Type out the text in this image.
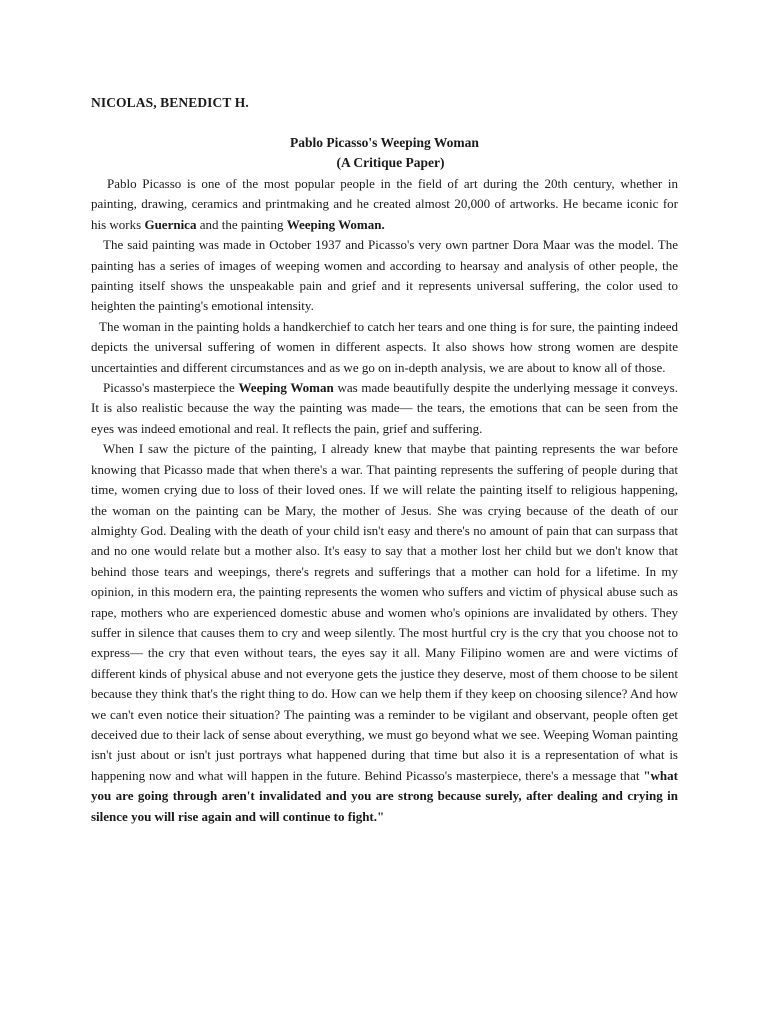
NICOLAS, BENEDICT H.
Pablo Picasso's Weeping Woman
(A Critique Paper)

Pablo Picasso is one of the most popular people in the field of art during the 20th century, whether in painting, drawing, ceramics and printmaking and he created almost 20,000 of artworks. He became iconic for his works Guernica and the painting Weeping Woman.

The said painting was made in October 1937 and Picasso's very own partner Dora Maar was the model. The painting has a series of images of weeping women and according to hearsay and analysis of other people, the painting itself shows the unspeakable pain and grief and it represents universal suffering, the color used to heighten the painting's emotional intensity.

The woman in the painting holds a handkerchief to catch her tears and one thing is for sure, the painting indeed depicts the universal suffering of women in different aspects. It also shows how strong women are despite uncertainties and different circumstances and as we go on in-depth analysis, we are about to know all of those.

Picasso's masterpiece the Weeping Woman was made beautifully despite the underlying message it conveys. It is also realistic because the way the painting was made— the tears, the emotions that can be seen from the eyes was indeed emotional and real. It reflects the pain, grief and suffering.

When I saw the picture of the painting, I already knew that maybe that painting represents the war before knowing that Picasso made that when there's a war. That painting represents the suffering of people during that time, women crying due to loss of their loved ones. If we will relate the painting itself to religious happening, the woman on the painting can be Mary, the mother of Jesus. She was crying because of the death of our almighty God. Dealing with the death of your child isn't easy and there's no amount of pain that can surpass that and no one would relate but a mother also. It's easy to say that a mother lost her child but we don't know that behind those tears and weepings, there's regrets and sufferings that a mother can hold for a lifetime. In my opinion, in this modern era, the painting represents the women who suffers and victim of physical abuse such as rape, mothers who are experienced domestic abuse and women who's opinions are invalidated by others. They suffer in silence that causes them to cry and weep silently. The most hurtful cry is the cry that you choose not to express— the cry that even without tears, the eyes say it all. Many Filipino women are and were victims of different kinds of physical abuse and not everyone gets the justice they deserve, most of them choose to be silent because they think that's the right thing to do. How can we help them if they keep on choosing silence? And how we can't even notice their situation? The painting was a reminder to be vigilant and observant, people often get deceived due to their lack of sense about everything, we must go beyond what we see. Weeping Woman painting isn't just about or isn't just portrays what happened during that time but also it is a representation of what is happening now and what will happen in the future. Behind Picasso's masterpiece, there's a message that "what you are going through aren't invalidated and you are strong because surely, after dealing and crying in silence you will rise again and will continue to fight."
